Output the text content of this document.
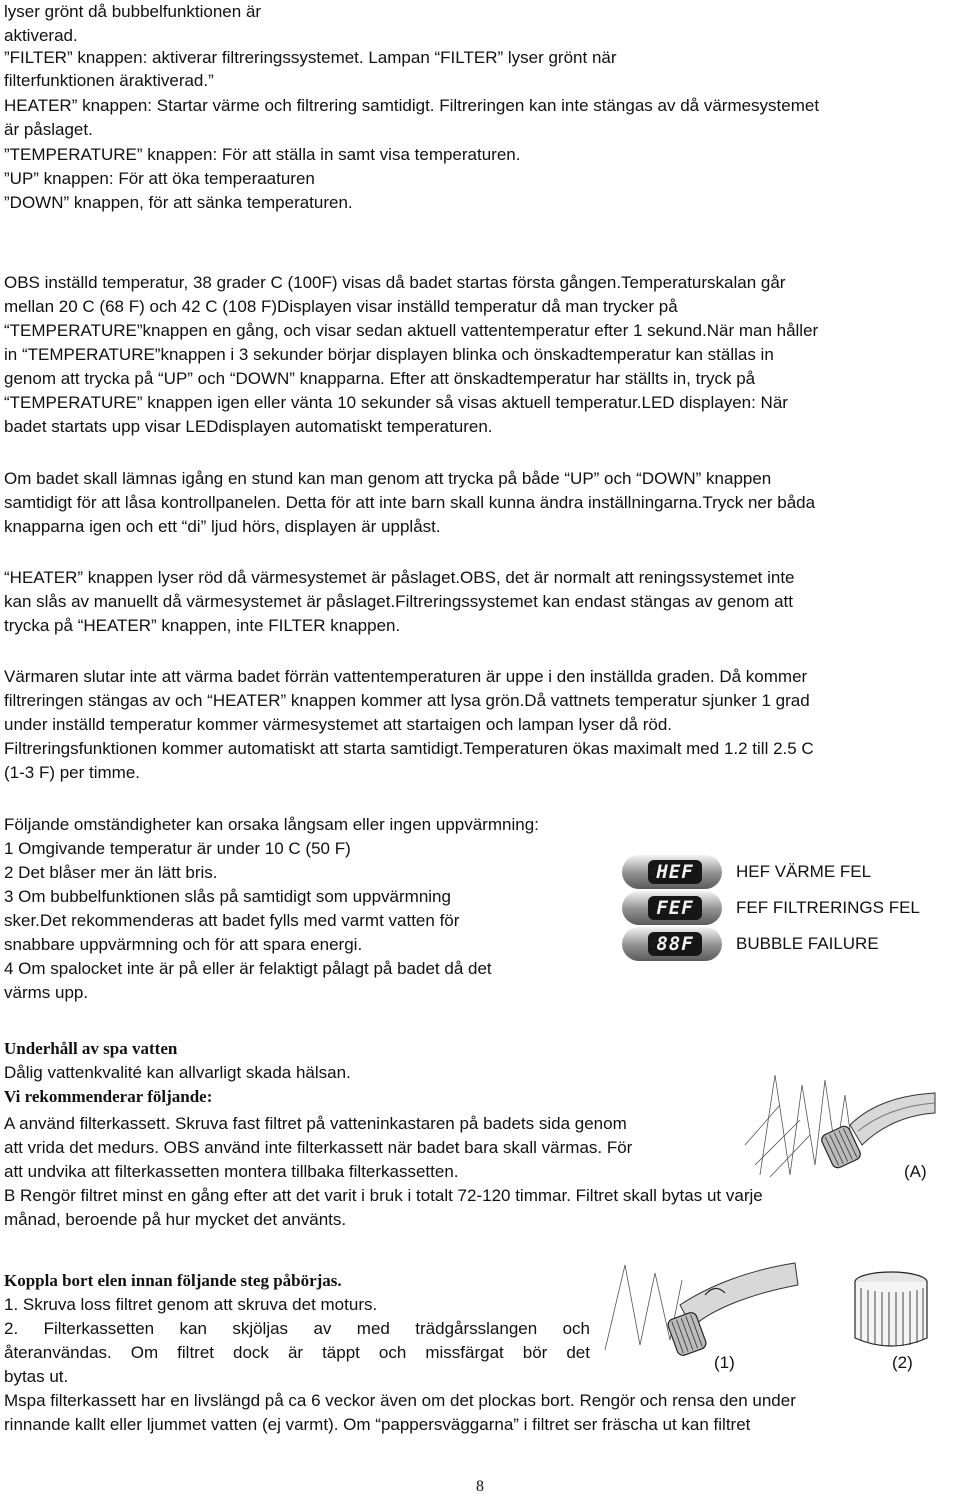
lyser grönt då bubbelfunktionen är

aktiverad.

”FILTER” knappen: aktiverar filtreringssystemet. Lampan “FILTER” lyser grönt när

filterfunktionen äraktiverad.”

HEATER” knappen: Startar värme och filtrering samtidigt. Filtreringen kan inte stängas av då värmesystemet

är påslaget.

”TEMPERATURE” knappen: För att ställa in samt visa temperaturen.

”UP” knappen: För att öka temperaaturen

”DOWN” knappen, för att sänka temperaturen.

OBS inställd temperatur, 38 grader C (100F) visas då badet startas första gången.Temperaturskalan går

mellan 20 C (68 F) och 42 C (108 F)Displayen visar inställd temperatur då man trycker på

“TEMPERATURE”knappen en gång, och visar sedan aktuell vattentemperatur efter 1 sekund.När man håller

in “TEMPERATURE”knappen i 3 sekunder börjar displayen blinka och önskadtemperatur kan ställas in

genom att trycka på “UP” och “DOWN” knapparna. Efter att önskadtemperatur har ställts in, tryck på

“TEMPERATURE” knappen igen eller vänta 10 sekunder så visas aktuell temperatur.LED displayen: När

badet startats upp visar LEDdisplayen automatiskt temperaturen.

Om badet skall lämnas igång en stund kan man genom att trycka på både “UP” och “DOWN” knappen

samtidigt för att låsa kontrollpanelen. Detta för att inte barn skall kunna ändra inställningarna.Tryck ner båda

knapparna igen och ett “di” ljud hörs, displayen är upplåst.

“HEATER” knappen lyser röd då värmesystemet är påslaget.OBS, det är normalt att reningssystemet inte

kan slås av manuellt då värmesystemet är påslaget.Filtreringssystemet kan endast stängas av genom att

trycka på “HEATER” knappen, inte FILTER knappen.

Värmaren slutar inte att värma badet förrän vattentemperaturen är uppe i den inställda graden. Då kommer

filtreringen stängas av och “HEATER” knappen kommer att lysa grön.Då vattnets temperatur sjunker 1 grad

under inställd temperatur kommer värmesystemet att startaigen och lampan lyser då röd.

Filtreringsfunktionen kommer automatiskt att starta samtidigt.Temperaturen ökas maximalt med 1.2 till 2.5 C

(1-3 F) per timme.

Följande omständigheter kan orsaka långsam eller ingen uppvärmning:

1 Omgivande temperatur är under 10 C (50 F)

2 Det blåser mer än lätt bris.

3 Om bubbelfunktionen slås på samtidigt som uppvärmning

sker.Det rekommenderas att badet fylls med varmt vatten för

snabbare uppvärmning och för att spara energi.

4 Om spalocket inte är på eller är felaktigt pålagt på badet då det

värms upp.

HEF	HEF VÄRME FEL
FEF	FEF FILTRERINGS FEL
88F	BUBBLE FAILURE

Underhåll av spa vatten

Dålig vattenkvalité kan allvarligt skada hälsan.

Vi rekommenderar följande:

A använd filterkassett. Skruva fast filtret på vatteninkastaren på badets sida genom

att vrida det medurs. OBS använd inte filterkassett när badet bara skall värmas. För

att undvika att filterkassetten montera tillbaka filterkassetten.

B Rengör filtret minst en gång efter att det varit i bruk i totalt 72-120 timmar. Filtret skall bytas ut varje

månad, beroende på hur mycket det använts.

(A)

Koppla bort elen innan följande steg påbörjas.

1. Skruva loss filtret genom att skruva det moturs.

2. Filterkassetten kan skjöljas av med trädgårsslangen och

återanvändas. Om filtret dock är täppt och missfärgat bör det

bytas ut.

(1)	(2)

Mspa filterkassett har en livslängd på ca 6 veckor även om det plockas bort. Rengör och rensa den under

rinnande kallt eller ljummet vatten (ej varmt). Om “pappersväggarna” i filtret ser fräscha ut kan filtret

8
